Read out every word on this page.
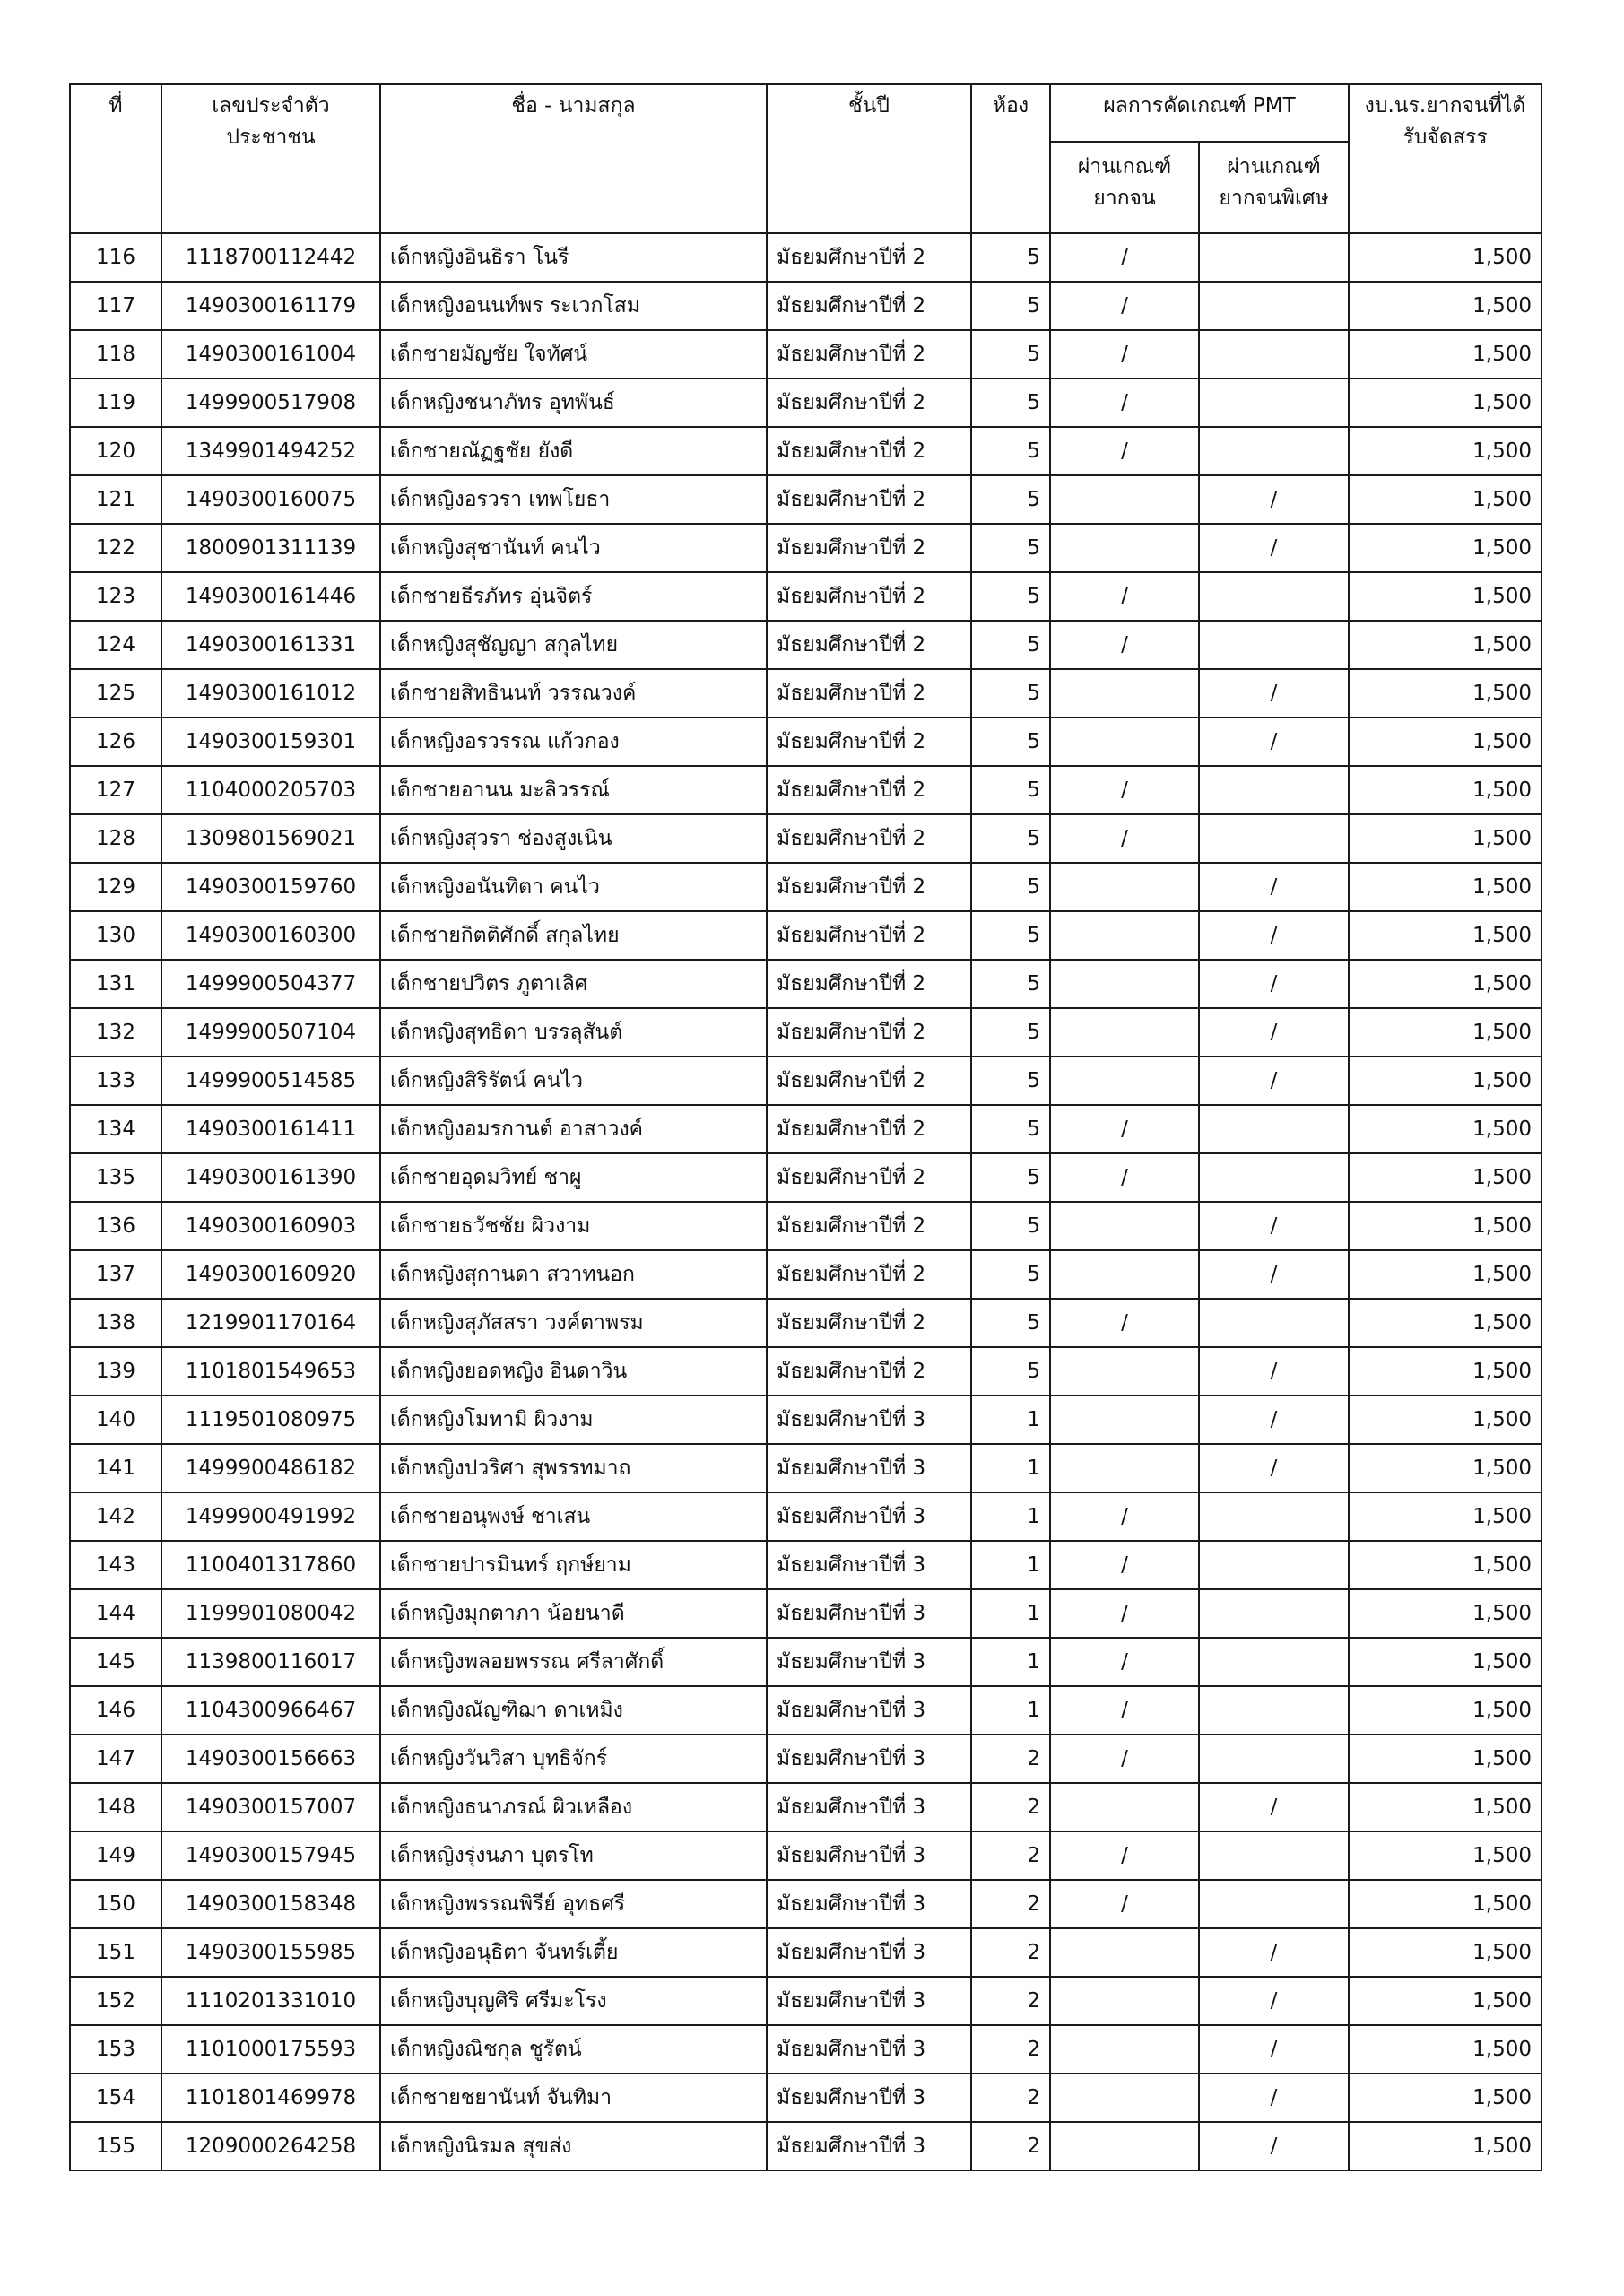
ที่	เลขประจำตัว ประชาชน	ชื่อ - นามสกุล	ชั้นปี	ห้อง	ผลการคัดเกณฑ์ PMT		งบ.นร.ยากจนที่ได้ รับจัดสรร
					ผ่านเกณฑ์ ยากจน	ผ่านเกณฑ์ ยากจนพิเศษ	
116	1118700112442	เด็กหญิงอินธิรา โนรี	มัธยมศึกษาปีที่ 2	5	/		1,500
117	1490300161179	เด็กหญิงอนนท์พร ระเวกโสม	มัธยมศึกษาปีที่ 2	5	/		1,500
118	1490300161004	เด็กชายมัญชัย ใจทัศน์	มัธยมศึกษาปีที่ 2	5	/		1,500
119	1499900517908	เด็กหญิงชนาภัทร อุทพันธ์	มัธยมศึกษาปีที่ 2	5	/		1,500
120	1349901494252	เด็กชายณัฏฐชัย ยังดี	มัธยมศึกษาปีที่ 2	5	/		1,500
121	1490300160075	เด็กหญิงอรวรา เทพโยธา	มัธยมศึกษาปีที่ 2	5		/	1,500
122	1800901311139	เด็กหญิงสุชานันท์ คนไว	มัธยมศึกษาปีที่ 2	5		/	1,500
123	1490300161446	เด็กชายธีรภัทร อุ่นจิตร์	มัธยมศึกษาปีที่ 2	5	/		1,500
124	1490300161331	เด็กหญิงสุชัญญา สกุลไทย	มัธยมศึกษาปีที่ 2	5	/		1,500
125	1490300161012	เด็กชายสิทธินนท์ วรรณวงค์	มัธยมศึกษาปีที่ 2	5		/	1,500
126	1490300159301	เด็กหญิงอรวรรณ แก้วกอง	มัธยมศึกษาปีที่ 2	5		/	1,500
127	1104000205703	เด็กชายอานน มะลิวรรณ์	มัธยมศึกษาปีที่ 2	5	/		1,500
128	1309801569021	เด็กหญิงสุวรา ช่องสูงเนิน	มัธยมศึกษาปีที่ 2	5	/		1,500
129	1490300159760	เด็กหญิงอนันทิตา คนไว	มัธยมศึกษาปีที่ 2	5		/	1,500
130	1490300160300	เด็กชายกิตติศักดิ์ สกุลไทย	มัธยมศึกษาปีที่ 2	5		/	1,500
131	1499900504377	เด็กชายปวิตร ภูตาเลิศ	มัธยมศึกษาปีที่ 2	5		/	1,500
132	1499900507104	เด็กหญิงสุทธิดา บรรลุสันต์	มัธยมศึกษาปีที่ 2	5		/	1,500
133	1499900514585	เด็กหญิงสิริรัตน์ คนไว	มัธยมศึกษาปีที่ 2	5		/	1,500
134	1490300161411	เด็กหญิงอมรกานต์ อาสาวงค์	มัธยมศึกษาปีที่ 2	5	/		1,500
135	1490300161390	เด็กชายอุดมวิทย์ ชาผู	มัธยมศึกษาปีที่ 2	5	/		1,500
136	1490300160903	เด็กชายธวัชชัย ผิวงาม	มัธยมศึกษาปีที่ 2	5		/	1,500
137	1490300160920	เด็กหญิงสุกานดา สวาทนอก	มัธยมศึกษาปีที่ 2	5		/	1,500
138	1219901170164	เด็กหญิงสุภัสสรา วงค์ตาพรม	มัธยมศึกษาปีที่ 2	5	/		1,500
139	1101801549653	เด็กหญิงยอดหญิง อินดาวิน	มัธยมศึกษาปีที่ 2	5		/	1,500
140	1119501080975	เด็กหญิงโมทามิ ผิวงาม	มัธยมศึกษาปีที่ 3	1		/	1,500
141	1499900486182	เด็กหญิงปวริศา สุพรรทมาถ	มัธยมศึกษาปีที่ 3	1		/	1,500
142	1499900491992	เด็กชายอนุพงษ์ ชาเสน	มัธยมศึกษาปีที่ 3	1	/		1,500
143	1100401317860	เด็กชายปารมินทร์ ฤกษ์ยาม	มัธยมศึกษาปีที่ 3	1	/		1,500
144	1199901080042	เด็กหญิงมุกตาภา น้อยนาดี	มัธยมศึกษาปีที่ 3	1	/		1,500
145	1139800116017	เด็กหญิงพลอยพรรณ ศรีลาศักดิ์	มัธยมศึกษาปีที่ 3	1	/		1,500
146	1104300966467	เด็กหญิงณัญฑิฌา ดาเหมิง	มัธยมศึกษาปีที่ 3	1	/		1,500
147	1490300156663	เด็กหญิงวันวิสา บุทธิจักร์	มัธยมศึกษาปีที่ 3	2	/		1,500
148	1490300157007	เด็กหญิงธนาภรณ์ ผิวเหลือง	มัธยมศึกษาปีที่ 3	2		/	1,500
149	1490300157945	เด็กหญิงรุ่งนภา บุตรโท	มัธยมศึกษาปีที่ 3	2	/		1,500
150	1490300158348	เด็กหญิงพรรณพิรีย์ อุทธศรี	มัธยมศึกษาปีที่ 3	2	/		1,500
151	1490300155985	เด็กหญิงอนุธิตา จันทร์เตี้ย	มัธยมศึกษาปีที่ 3	2		/	1,500
152	1110201331010	เด็กหญิงบุญศิริ ศรีมะโรง	มัธยมศึกษาปีที่ 3	2		/	1,500
153	1101000175593	เด็กหญิงณิชกุล ชูรัตน์	มัธยมศึกษาปีที่ 3	2		/	1,500
154	1101801469978	เด็กชายชยานันท์ จันทิมา	มัธยมศึกษาปีที่ 3	2		/	1,500
155	1209000264258	เด็กหญิงนิรมล สุขส่ง	มัธยมศึกษาปีที่ 3	2		/	1,500
